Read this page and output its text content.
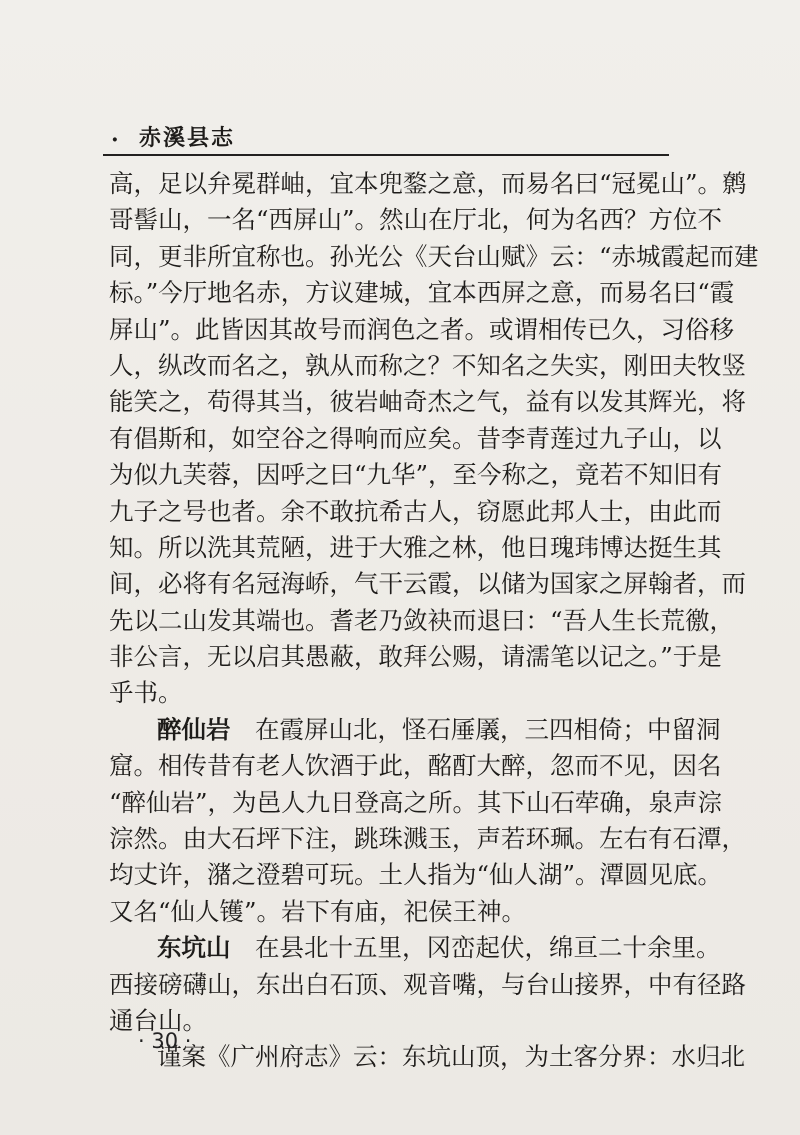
· 赤溪县志
高，足以弁冕群岫，宜本兜鍪之意，而易名曰“冠冕山”。鹩
哥髻山，一名“西屏山”。然山在厅北，何为名西？方位不
同，更非所宜称也。孙光公《天台山赋》云：“赤城霞起而建
标。”今厅地名赤，方议建城，宜本西屏之意，而易名曰“霞
屏山”。此皆因其故号而润色之者。或谓相传已久，习俗移
人，纵改而名之，孰从而称之？不知名之失实，刚田夫牧竖
能笑之，苟得其当，彼岩岫奇杰之气，益有以发其辉光，将
有倡斯和，如空谷之得响而应矣。昔李青莲过九子山，以
为似九芙蓉，因呼之曰“九华”，至今称之，竟若不知旧有
九子之号也者。余不敢抗希古人，窃愿此邦人士，由此而
知。所以洗其荒陋，进于大雅之林，他日瑰玮博达挺生其
间，必将有名冠海峤，气干云霞，以储为国家之屏翰者，而
先以二山发其端也。耆老乃敛袂而退曰：“吾人生长荒徼，
非公言，无以启其愚蔽，敢拜公赐，请濡笔以记之。”于是
乎书。
醉仙岩　在霞屏山北，怪石厜㕒，三四相倚；中留洞
窟。相传昔有老人饮酒于此，酩酊大醉，忽而不见，因名
“醉仙岩”，为邑人九日登高之所。其下山石荦确，泉声淙
淙然。由大石坪下注，跳珠溅玉，声若环珮。左右有石潭，
均丈许，潴之澄碧可玩。土人指为“仙人湖”。潭圆见底。
又名“仙人镬”。岩下有庙，祀侯王神。
东坑山　在县北十五里，冈峦起伏，绵亘二十余里。
西接磅礴山，东出白石顶、观音嘴，与台山接界，中有径路
通台山。
谨案《广州府志》云：东坑山顶，为土客分界：水归北
· 30 ·
